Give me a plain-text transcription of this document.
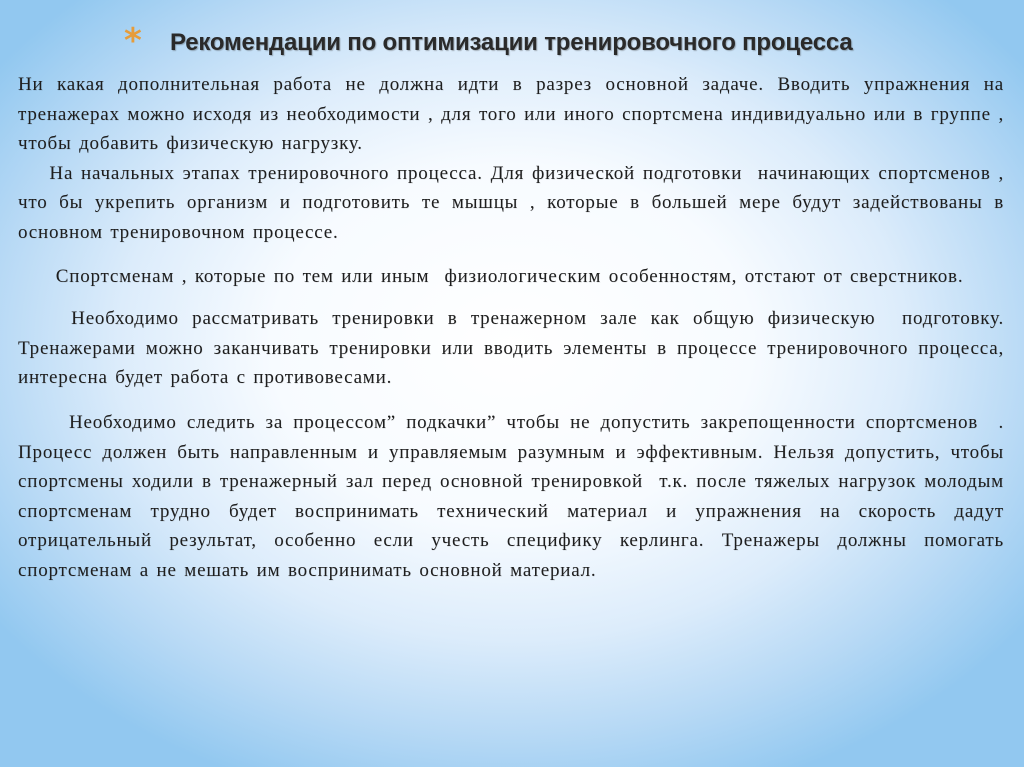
* Рекомендации по оптимизации тренировочного процесса

Ни какая дополнительная работа не должна идти в разрез основной задаче. Вводить упражнения на тренажерах можно исходя из необходимости , для того или иного спортсмена индивидуально или в группе , чтобы добавить физическую нагрузку.

На начальных этапах тренировочного процесса. Для физической подготовки  начинающих спортсменов , что бы укрепить организм и подготовить те мышцы , которые в большей мере будут задействованы в основном тренировочном процессе.

Спортсменам , которые по тем или иным  физиологическим особенностям, отстают от сверстников.

Необходимо рассматривать тренировки в тренажерном зале как общую физическую  подготовку. Тренажерами можно заканчивать тренировки или вводить элементы в процессе тренировочного процесса, интересна будет работа с противовесами.

Необходимо следить за процессом” подкачки” чтобы не допустить закрепощенности спортсменов  . Процесс должен быть направленным и управляемым разумным и эффективным. Нельзя допустить, чтобы спортсмены ходили в тренажерный зал перед основной тренировкой  т.к. после тяжелых нагрузок молодым спортсменам трудно будет воспринимать технический материал и упражнения на скорость дадут отрицательный результат, особенно если учесть специфику керлинга. Тренажеры должны помогать спортсменам а не мешать им воспринимать основной материал.
